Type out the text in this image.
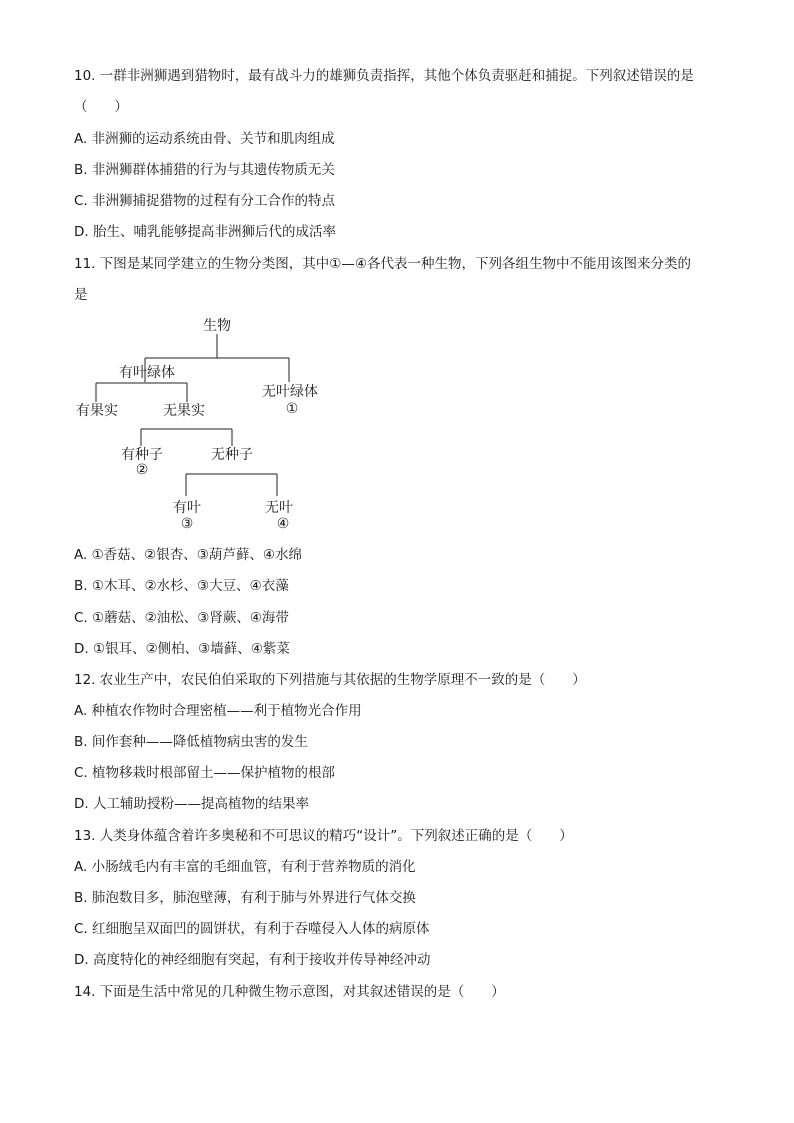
10. 一群非洲狮遇到猎物时，最有战斗力的雄狮负责指挥，其他个体负责驱赶和捕捉。下列叙述错误的是
（　　）
A. 非洲狮的运动系统由骨、关节和肌肉组成
B. 非洲狮群体捕猎的行为与其遗传物质无关
C. 非洲狮捕捉猎物的过程有分工合作的特点
D. 胎生、哺乳能够提高非洲狮后代的成活率
11. 下图是某同学建立的生物分类图，其中①—④各代表一种生物，下列各组生物中不能用该图来分类的
是
生物
有叶绿体
无叶绿体
①
有果实	无果实
有种子
②
无种子
有叶
③
无叶
④
A. ①香菇、②银杏、③葫芦藓、④水绵
B. ①木耳、②水杉、③大豆、④衣藻
C. ①蘑菇、②油松、③肾蕨、④海带
D. ①银耳、②侧柏、③墙藓、④紫菜
12. 农业生产中，农民伯伯采取的下列措施与其依据的生物学原理不一致的是（　　）
A. 种植农作物时合理密植——利于植物光合作用
B. 间作套种——降低植物病虫害的发生
C. 植物移栽时根部留土——保护植物的根部
D. 人工辅助授粉——提高植物的结果率
13. 人类身体蕴含着许多奥秘和不可思议的精巧“设计”。下列叙述正确的是（　　）
A. 小肠绒毛内有丰富的毛细血管，有利于营养物质的消化
B. 肺泡数目多，肺泡壁薄，有利于肺与外界进行气体交换
C. 红细胞呈双面凹的圆饼状，有利于吞噬侵入人体的病原体
D. 高度特化的神经细胞有突起，有利于接收并传导神经冲动
14. 下面是生活中常见的几种微生物示意图，对其叙述错误的是（　　）
